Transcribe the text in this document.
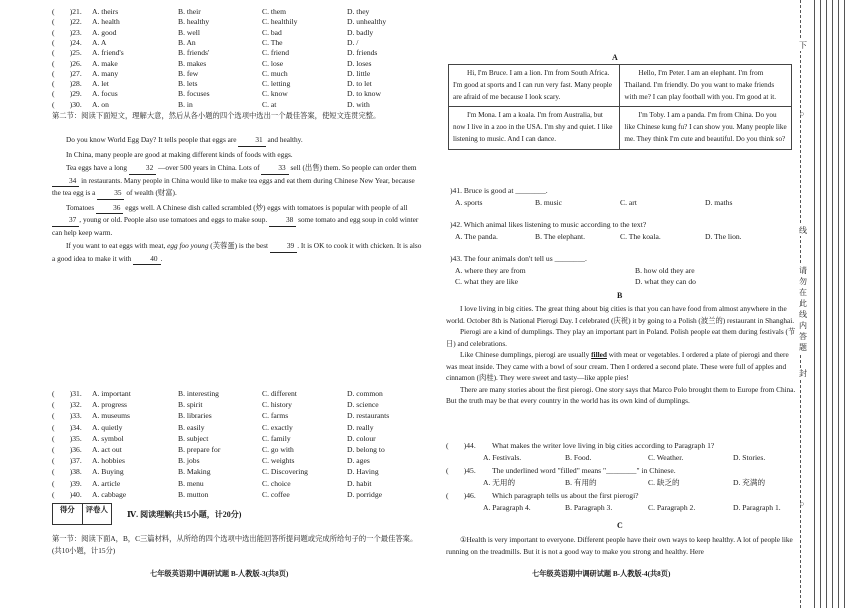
(　　)21. A. theirs	B. their	C. them	D. they
(　　)22. A. health	B. healthy	C. healthily	D. unhealthy
(　　)23. A. good	B. well	C. bad	D. badly
(　　)24. A. A	B. An	C. The	D. /
(　　)25. A. friend's	B. friends'	C. friend	D. friends
(　　)26. A. make	B. makes	C. lose	D. loses
(　　)27. A. many	B. few	C. much	D. little
(　　)28. A. let	B. lets	C. letting	D. to let
(　　)29. A. focus	B. focuses	C. know	D. to know
(　　)30. A. on	B. in	C. at	D. with
第二节：阅读下面短文，理解大意，然后从各小题的四个选项中选出一个最佳答案，使短文连贯完整。
Do you know World Egg Day? It tells people that eggs are	31 and healthy.
In China, many people are good at making different kinds of foods with eggs.
Tea eggs have a long	32 —over 500 years in China. Lots of	33 sell (出售) them. So people can order them 34 in restaurants. Many people in China would like to make tea eggs and eat them during Chinese New Year, because the tea egg is a	35 of wealth (财富).
Tomatoes	36 eggs well. A Chinese dish called scrambled (炒) eggs with tomatoes is popular with people of all 37 , young or old. People also use tomatoes and eggs to make soup.	38 some tomato and egg soup in cold winter can help keep warm.
If you want to eat eggs with meat, egg foo young (芙蓉蛋) is the best	39 . It is OK to cook it with chicken. It is also a good idea to make it with	40 .
(　　)31. A. important	B. interesting	C. different	D. common
(　　)32. A. progress	B. spirit	C. history	D. science
(　　)33. A. museums	B. libraries	C. farms	D. restaurants
(　　)34. A. quietly	B. easily	C. exactly	D. really
(　　)35. A. symbol	B. subject	C. family	D. colour
(　　)36. A. act out	B. prepare for	C. go with	D. belong to
(　　)37. A. hobbies	B. jobs	C. weights	D. ages
(　　)38. A. Buying	B. Making	C. Discovering	D. Having
(　　)39. A. article	B. menu	C. choice	D. habit
(　　)40. A. cabbage	B. mutton	C. coffee	D. porridge
得分	评卷人
Ⅳ. 阅读理解(共15小题，计20分)
第一节：阅读下面A，B，C三篇材料，从所给的四个选项中选出能回答所提问题或完成所给句子的一个最佳答案。(共10小题，计15分)
七年级英语期中调研试题 B-人教版-3(共8页)
A
Hi, I'm Bruce. I am a lion. I'm from South Africa. I'm good at sports and I can run very fast. Many people are afraid of me because I look scary.	Hello, I'm Peter. I am an elephant. I'm from Thailand. I'm friendly. Do you want to make friends with me? I can play football with you. I'm good at it.

I'm Mona. I am a koala. I'm from Australia, but now I live in a zoo in the USA. I'm shy and quiet. I like listening to music. And I can dance.	I'm Toby. I am a panda. I'm from China. Do you like Chinese kung fu? I can show you. Many people like me. They think I'm cute and beautiful. Do you think so?
)41. Bruce is good at ________.
A. sports	B. music	C. art	D. maths
)42. Which animal likes listening to music according to the text?
A. The panda.	B. The elephant.	C. The koala.	D. The lion.
)43. The four animals don't tell us ________.
A. where they are from	B. how old they are
C. what they are like	D. what they can do
B
I love living in big cities. The great thing about big cities is that you can have food from almost anywhere in the world. October 8th is National Pierogi Day. I celebrated (庆祝) it by going to a Polish (波兰的) restaurant in Shanghai.
Pierogi are a kind of dumplings. They play an important part in Poland. Polish people eat them during festivals (节日) and celebrations.
Like Chinese dumplings, pierogi are usually filled with meat or vegetables. I ordered a plate of pierogi and there was meat inside. They came with a bowl of sour cream. Then I ordered a second plate. These were full of apples and cinnamon (肉桂). They were sweet and tasty—like apple pies!
There are many stories about the first pierogi. One story says that Marco Polo brought them to Europe from China. But the truth may be that every country in the world has its own kind of dumplings.
(　　)44. What makes the writer love living in big cities according to Paragraph 1?
A. Festivals.	B. Food.	C. Weather.	D. Stories.
(　　)45. The underlined word "filled" means "________" in Chinese.
A. 无用的	B. 有用的	C. 缺乏的	D. 充满的
(　　)46. Which paragraph tells us about the first pierogi?
A. Paragraph 4.	B. Paragraph 3.	C. Paragraph 2.	D. Paragraph 1.
C
①Health is very important to everyone. Different people have their own ways to keep healthy. A lot of people like running on the treadmills. But it is not a good way to make you strong and healthy. Here
七年级英语期中调研试题 B-人教版-4(共8页)
下
线
请勿在此线内答题
封
○
○
